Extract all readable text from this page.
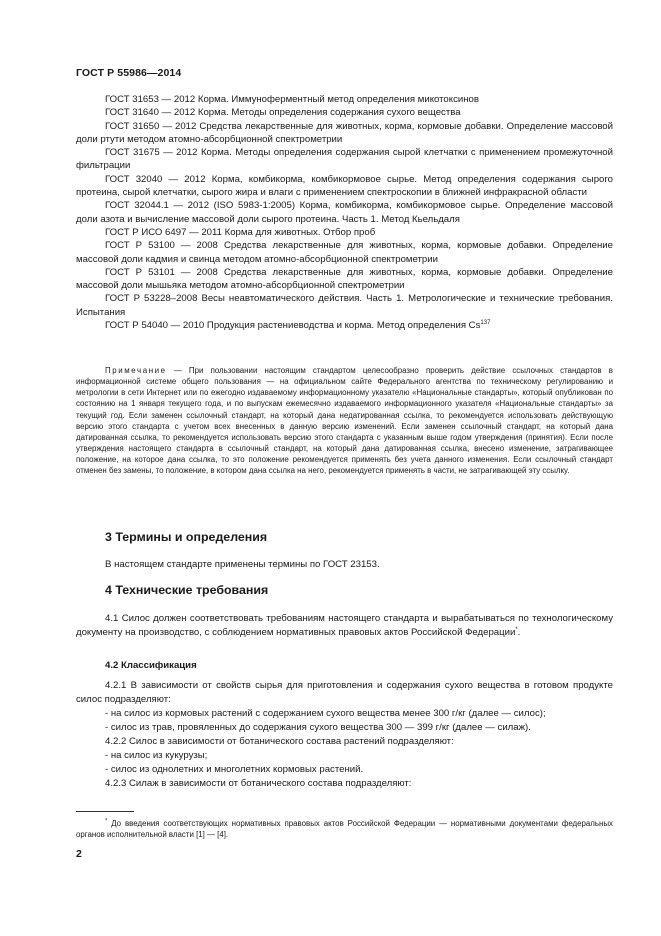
ГОСТ Р 55986—2014

ГОСТ 31653 — 2012 Корма. Иммуноферментный метод определения микотоксинов

ГОСТ 31640 — 2012 Корма. Методы определения содержания сухого вещества

ГОСТ 31650 — 2012 Средства лекарственные для животных, корма, кормовые добавки. Определение массовой доли ртути методом атомно-абсорбционной спектрометрии

ГОСТ 31675 — 2012 Корма. Методы определения содержания сырой клетчатки с применением промежуточной фильтрации

ГОСТ 32040 — 2012 Корма, комбикорма, комбикормовое сырье. Метод определения содержания сырого протеина, сырой клетчатки, сырого жира и влаги с применением спектроскопии в ближней инфракрасной области

ГОСТ 32044.1 — 2012 (ISO 5983-1:2005) Корма, комбикорма, комбикормовое сырье. Определение массовой доли азота и вычисление массовой доли сырого протеина. Часть 1. Метод Кьельдаля

ГОСТ Р ИСО 6497 — 2011 Корма для животных. Отбор проб

ГОСТ Р 53100 — 2008 Средства лекарственные для животных, корма, кормовые добавки. Определение массовой доли кадмия и свинца методом атомно-абсорбционной спектрометрии

ГОСТ Р 53101 — 2008 Средства лекарственные для животных, корма, кормовые добавки. Определение массовой доли мышьяка методом атомно-абсорбционной спектрометрии

ГОСТ Р 53228–2008 Весы неавтоматического действия. Часть 1. Метрологические и технические требования. Испытания

ГОСТ Р 54040 — 2010 Продукция растениеводства и корма. Метод определения Cs$^{137}$

Примечание — При пользовании настоящим стандартом целесообразно проверить действие ссылочных стандартов в информационной системе общего пользования — на официальном сайте Федерального агентства по техническому регулированию и метрологии в сети Интернет или по ежегодно издаваемому информационному указателю «Национальные стандарты», который опубликован по состоянию на 1 января текущего года, и по выпускам ежемесячно издаваемого информационного указателя «Национальные стандарты» за текущий год. Если заменен ссылочный стандарт, на который дана недатированная ссылка, то рекомендуется использовать действующую версию этого стандарта с учетом всех внесенных в данную версию изменений. Если заменен ссылочный стандарт, на который дана датированная ссылка, то рекомендуется использовать версию этого стандарта с указанным выше годом утверждения (принятия). Если после утверждения настоящего стандарта в ссылочный стандарт, на который дана датированная ссылка, внесено изменение, затрагивающее положение, на которое дана ссылка, то это положение рекомендуется применять без учета данного изменения. Если ссылочный стандарт отменен без замены, то положение, в котором дана ссылка на него, рекомендуется применять в части, не затрагивающей эту ссылку.
3 Термины и определения

В настоящем стандарте применены термины по ГОСТ 23153.

4 Технические требования

4.1 Силос должен соответствовать требованиям настоящего стандарта и вырабатываться по технологическому документу на производство, с соблюдением нормативных правовых актов Российской Федерации*.

4.2 Классификация

4.2.1 В зависимости от свойств сырья для приготовления и содержания сухого вещества в готовом продукте силос подразделяют:

- на силос из кормовых растений с содержанием сухого вещества менее 300 г/кг (далее — силос);

- силос из трав, провяленных до содержания сухого вещества 300 — 399 г/кг (далее — силаж).

4.2.2 Силос в зависимости от ботанического состава растений подразделяют:

- на силос из кукурузы;

- силос из однолетних и многолетних кормовых растений.

4.2.3 Силаж в зависимости от ботанического состава подразделяют:

* До введения соответствующих нормативных правовых актов Российской Федерации — нормативными документами федеральных органов исполнительной власти [1] — [4].
2
